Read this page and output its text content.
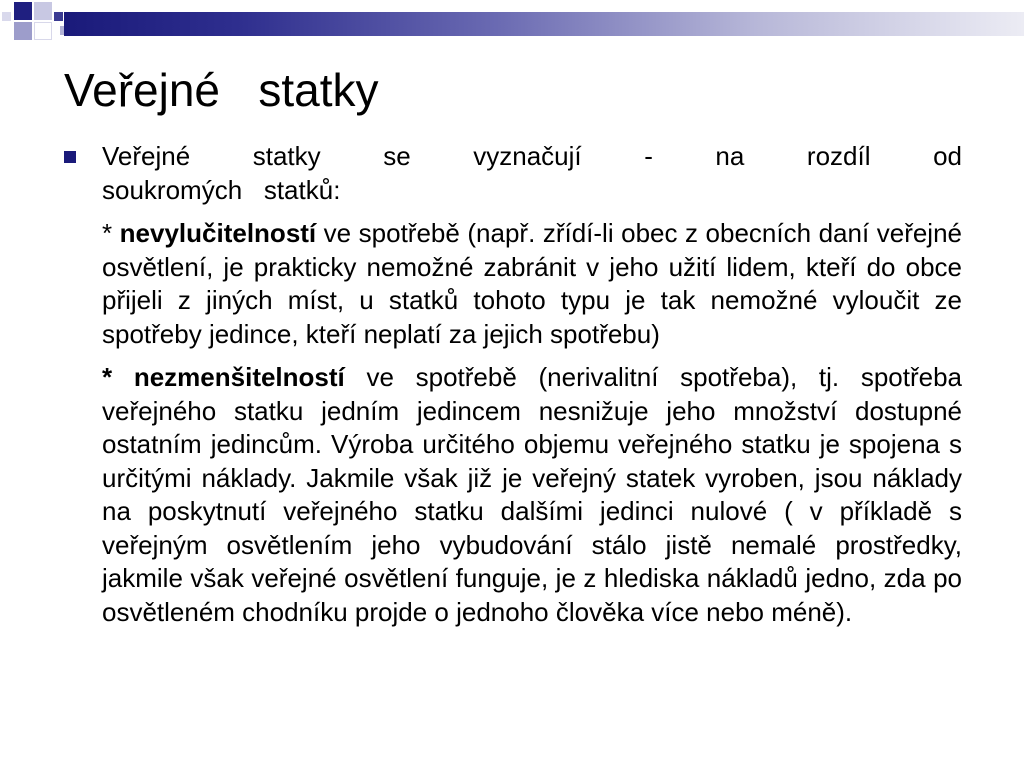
Veřejné   statky

Veřejné statky se vyznačují - na rozdíl od
soukromých   statků:

* nevylučitelností ve spotřebě (např. zřídí-li obec z obecních daní veřejné osvětlení, je prakticky nemožné zabránit v jeho užití lidem, kteří do obce přijeli z jiných míst, u statků tohoto typu je tak nemožné vyloučit ze spotřeby jedince, kteří neplatí za jejich spotřebu)

* nezmenšitelností ve spotřebě (nerivalitní spotřeba), tj. spotřeba veřejného statku jedním jedincem nesnižuje jeho množství dostupné ostatním jedincům. Výroba určitého objemu veřejného statku je spojena s určitými náklady. Jakmile však již je veřejný statek vyroben, jsou náklady na poskytnutí veřejného statku dalšími jedinci nulové ( v příkladě s veřejným osvětlením jeho vybudování stálo jistě nemalé prostředky, jakmile však veřejné osvětlení funguje, je z hlediska nákladů jedno, zda po osvětleném chodníku projde o jednoho člověka více nebo méně).
